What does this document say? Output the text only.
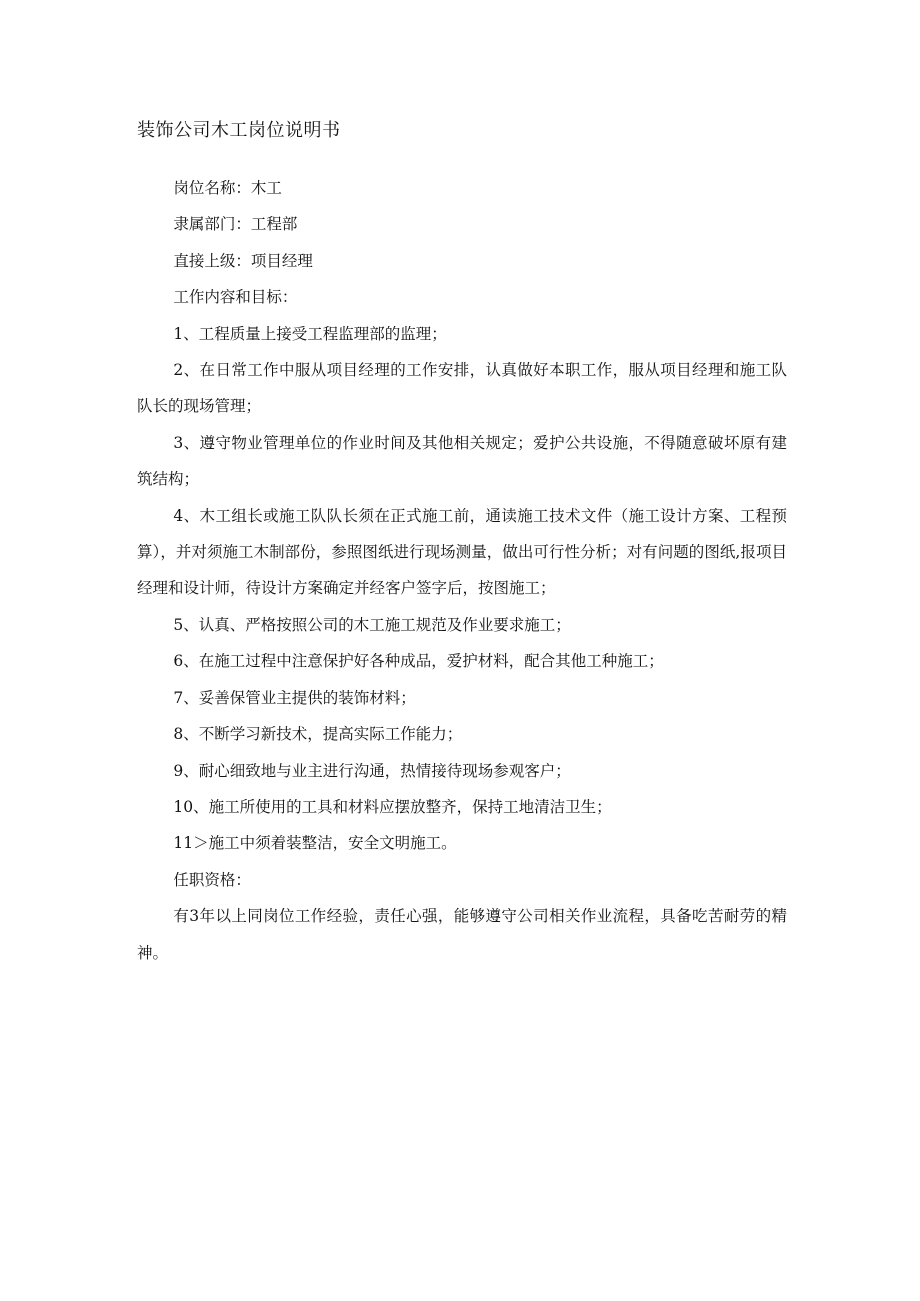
装饰公司木工岗位说明书

岗位名称：木工

隶属部门：工程部

直接上级：项目经理

工作内容和目标：

1、工程质量上接受工程监理部的监理；

2、在日常工作中服从项目经理的工作安排，认真做好本职工作，服从项目经理和施工队队长的现场管理；

3、遵守物业管理单位的作业时间及其他相关规定；爱护公共设施，不得随意破坏原有建筑结构；

4、木工组长或施工队队长须在正式施工前，通读施工技术文件（施工设计方案、工程预算），并对须施工木制部份，参照图纸进行现场测量，做出可行性分析；对有问题的图纸,报项目经理和设计师，待设计方案确定并经客户签字后，按图施工；

5、认真、严格按照公司的木工施工规范及作业要求施工；

6、在施工过程中注意保护好各种成品，爱护材料，配合其他工种施工；

7、妥善保管业主提供的装饰材料；

8、不断学习新技术，提高实际工作能力；

9、耐心细致地与业主进行沟通，热情接待现场参观客户；

10、施工所使用的工具和材料应摆放整齐，保持工地清洁卫生；

11＞施工中须着装整洁，安全文明施工。

任职资格：

有3年以上同岗位工作经验，责任心强，能够遵守公司相关作业流程，具备吃苦耐劳的精神。
